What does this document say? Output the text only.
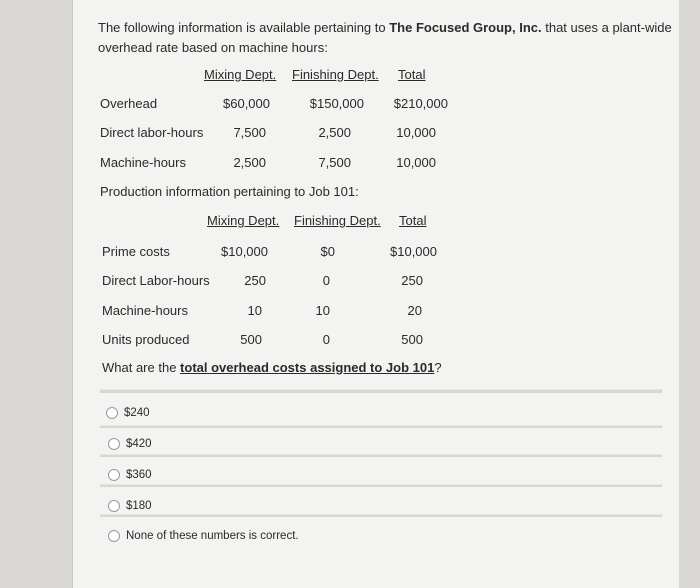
The following information is available pertaining to The Focused Group, Inc. that uses a plant-wide overhead rate based on machine hours:
Mixing Dept. Finishing Dept. Total
Overhead	$60,000	$150,000	$210,000
Direct labor-hours	7,500	2,500	10,000
Machine-hours	2,500	7,500	10,000
Production information pertaining to Job 101:
Mixing Dept. Finishing Dept. Total
Prime costs	$10,000	$0	$10,000
Direct Labor-hours	250	0	250
Machine-hours	10	10	20
Units produced	500	0	500
What are the total overhead costs assigned to Job 101?
$240
$420
$360
$180
None of these numbers is correct.
